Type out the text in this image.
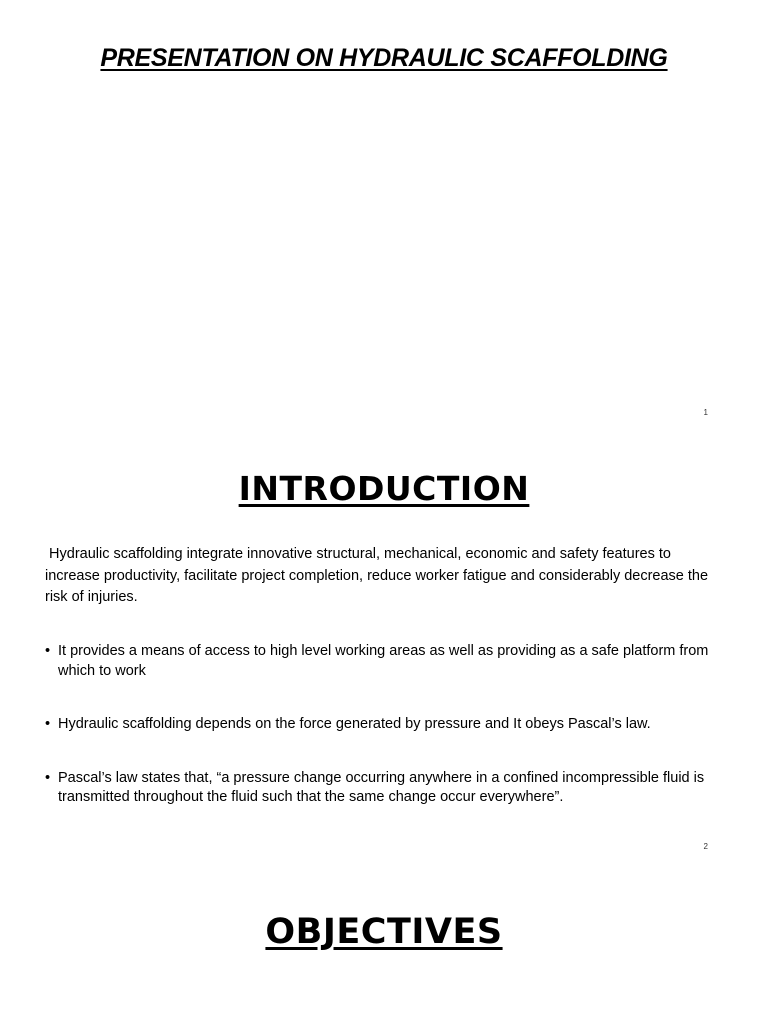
PRESENTATION ON HYDRAULIC SCAFFOLDING
1
INTRODUCTION

Hydraulic scaffolding integrate innovative structural, mechanical, economic and safety features to increase productivity, facilitate project completion, reduce worker fatigue and considerably decrease the risk of injuries.

• It provides a means of access to high level working areas as well as providing as a safe platform from which to work
• Hydraulic scaffolding depends on the force generated by pressure and It obeys Pascal’s law.
• Pascal’s law states that, “a pressure change occurring anywhere in a confined incompressible fluid is transmitted throughout the fluid such that the same change occur everywhere”.
2
OBJECTIVES
